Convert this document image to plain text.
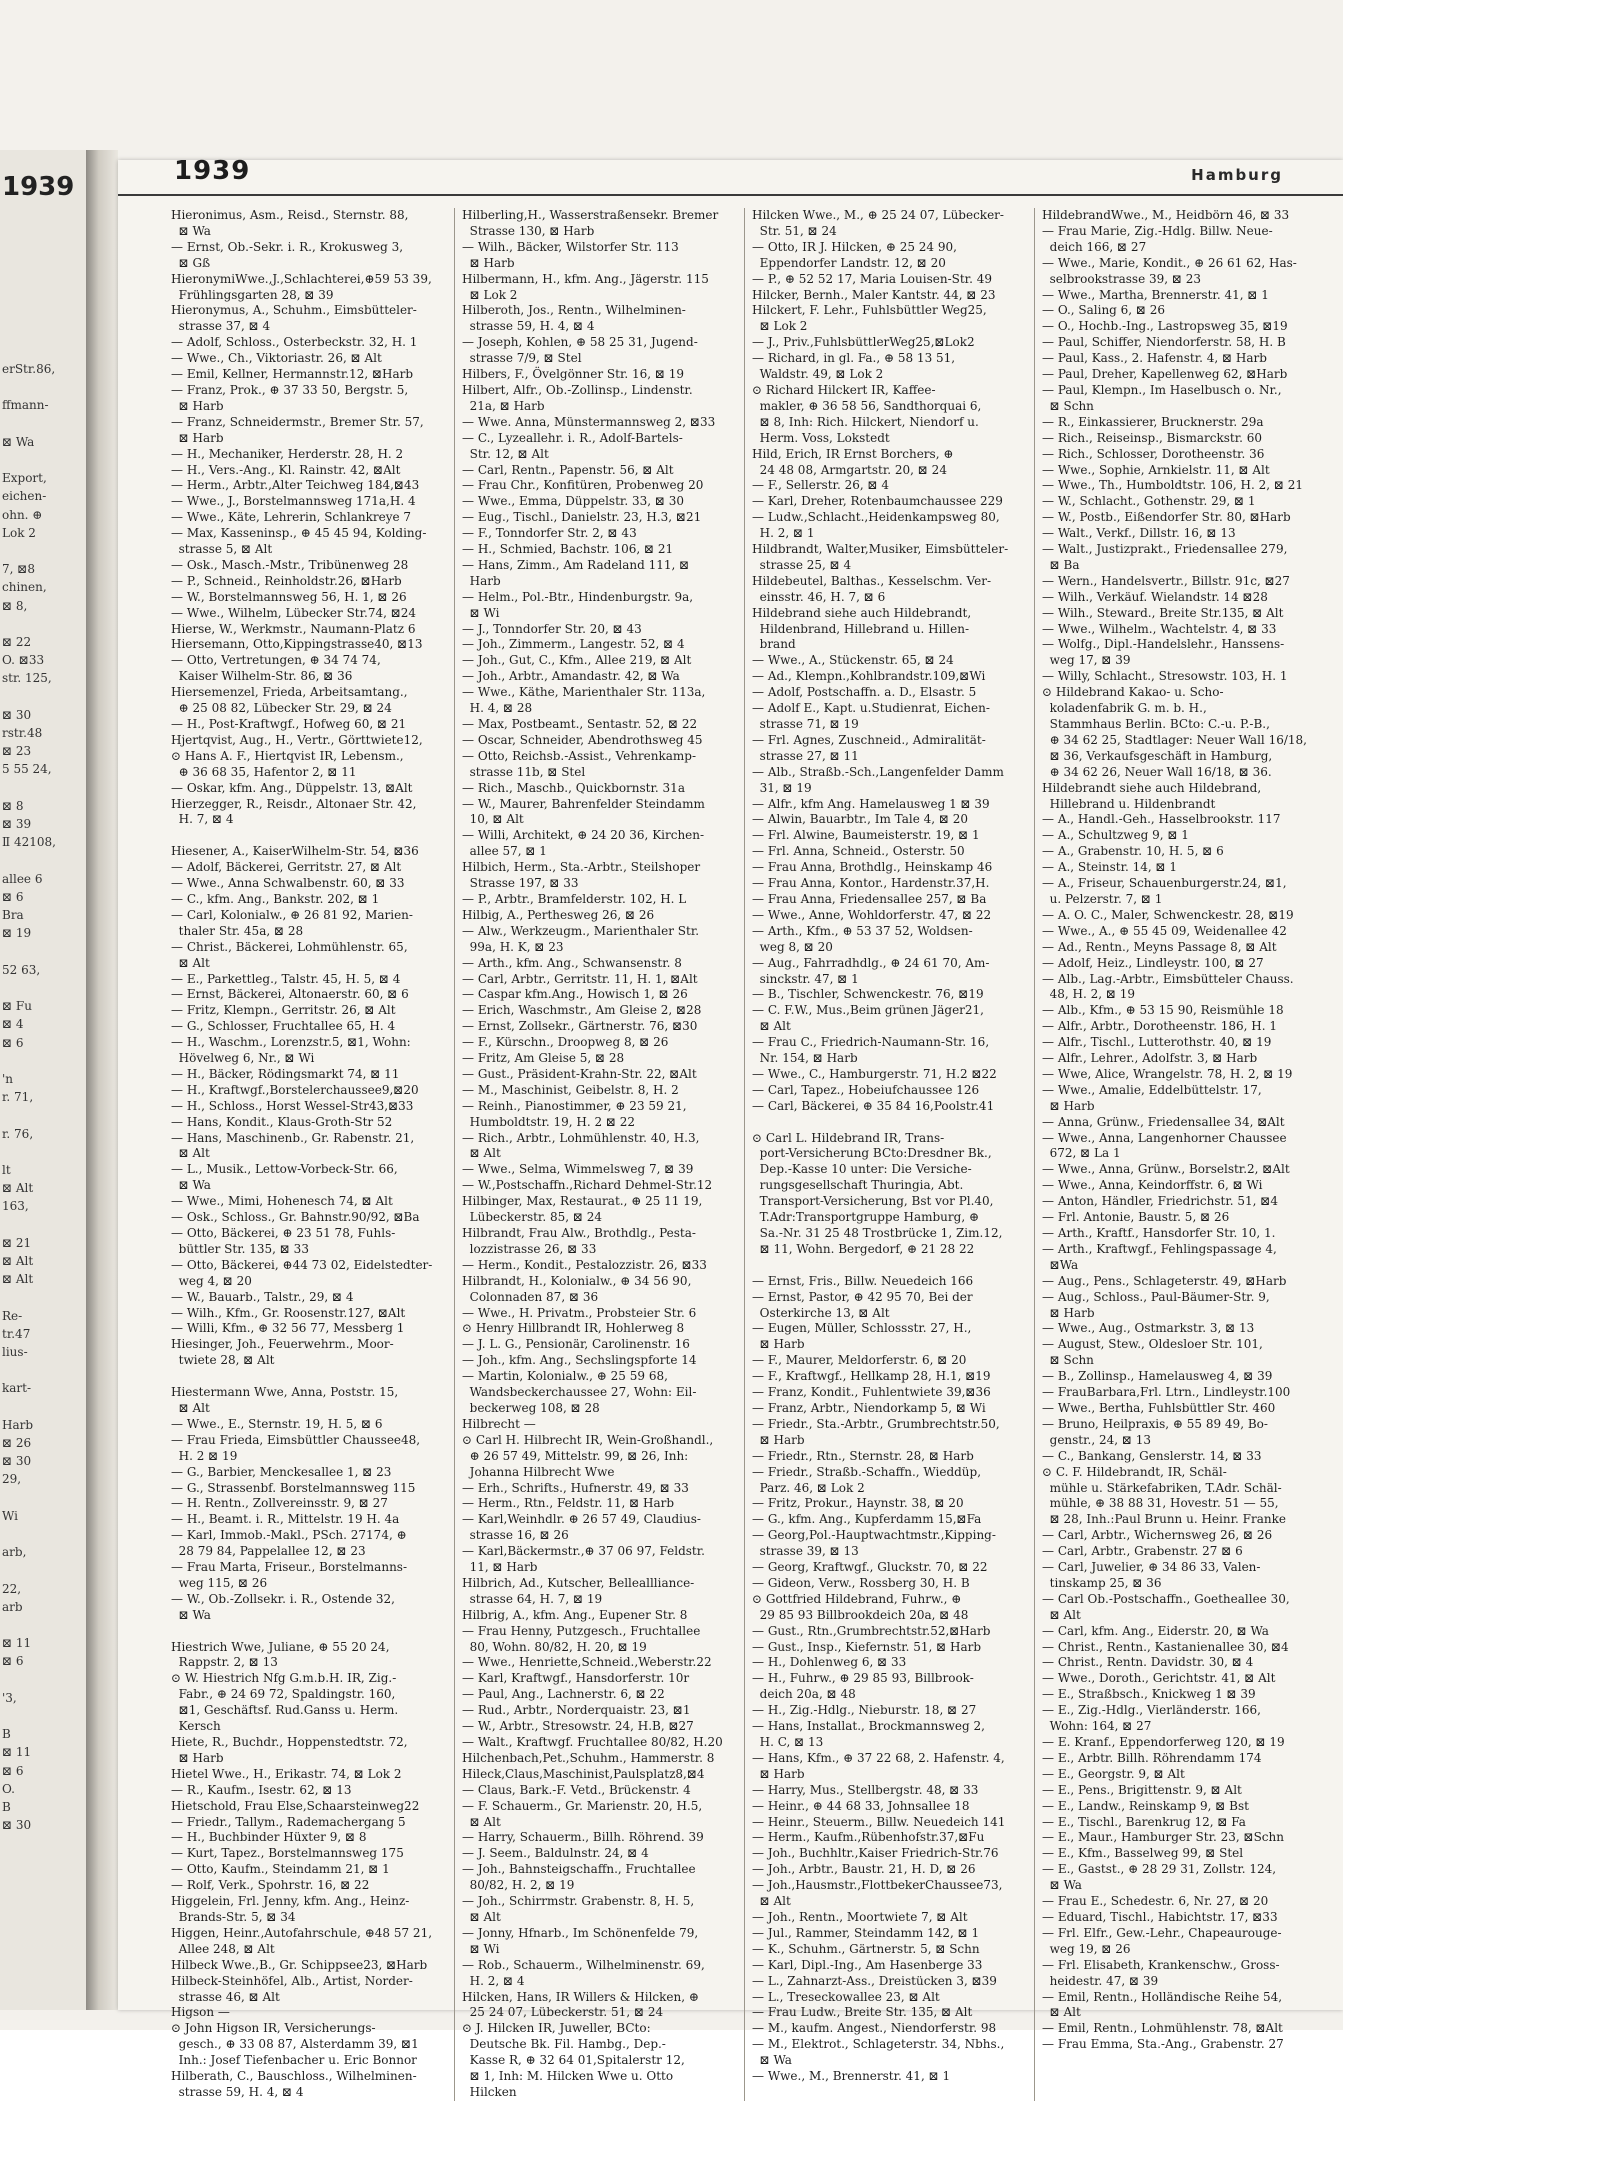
1939
erStr.86,

ffmann-

⊠ Wa

Export,
eichen-
ohn. ⊕
Lok 2

7, ⊠8
chinen,
⊠ 8,

⊠ 22
O. ⊠33
str. 125,

⊠ 30
rstr.48
⊠ 23
5 55 24,

⊠ 8
⊠ 39
Ⅱ 42108,

allee 6
⊠ 6
Bra
⊠ 19

52 63,

⊠ Fu
⊠ 4
⊠ 6

'n
r. 71,

r. 76,

lt
⊠ Alt
163,

⊠ 21
⊠ Alt
⊠ Alt

Re-
tr.47
lius-

kart-

Harb
⊠ 26
⊠ 30
29,

Wi

arb,

22,
arb

⊠ 11
⊠ 6

'3,

B
⊠ 11
⊠ 6
O.
B
⊠ 30

1939	Hamburg

Hieronimus, Asm., Reisd., Sternstr. 88,
⊠ Wa
— Ernst, Ob.-Sekr. i. R., Krokusweg 3,
⊠ Gß
HieronymiWwe.,J.,Schlachterei,⊕59 53 39,
Frühlingsgarten 28, ⊠ 39
Hieronymus, A., Schuhm., Eimsbütteler-
strasse 37, ⊠ 4
— Adolf, Schloss., Osterbeckstr. 32, H. 1
— Wwe., Ch., Viktoriastr. 26, ⊠ Alt
— Emil, Kellner, Hermannstr.12, ⊠Harb
— Franz, Prok., ⊕ 37 33 50, Bergstr. 5,
⊠ Harb
— Franz, Schneidermstr., Bremer Str. 57,
⊠ Harb
— H., Mechaniker, Herderstr. 28, H. 2
— H., Vers.-Ang., Kl. Rainstr. 42, ⊠Alt
— Herm., Arbtr.,Alter Teichweg 184,⊠43
— Wwe., J., Borstelmannsweg 171a,H. 4
— Wwe., Käte, Lehrerin, Schlankreye 7
— Max, Kasseninsp., ⊕ 45 45 94, Kolding-
strasse 5, ⊠ Alt
— Osk., Masch.-Mstr., Tribünenweg 28
— P., Schneid., Reinholdstr.26, ⊠Harb
— W., Borstelmannsweg 56, H. 1, ⊠ 26
— Wwe., Wilhelm, Lübecker Str.74, ⊠24
Hierse, W., Werkmstr., Naumann-Platz 6
Hiersemann, Otto,Kippingstrasse40, ⊠13
— Otto, Vertretungen, ⊕ 34 74 74,
Kaiser Wilhelm-Str. 86, ⊠ 36
Hiersemenzel, Frieda, Arbeitsamtang.,
⊕ 25 08 82, Lübecker Str. 29, ⊠ 24
— H., Post-Kraftwgf., Hofweg 60, ⊠ 21
Hjertqvist, Aug., H., Vertr., Görttwiete12,
⊙ Hans A. F., Hiertqvist IR, Lebensm.,
⊕ 36 68 35, Hafentor 2, ⊠ 11
— Oskar, kfm. Ang., Düppelstr. 13, ⊠Alt
Hierzegger, R., Reisdr., Altonaer Str. 42,
H. 7, ⊠ 4

Hiesener, A., KaiserWilhelm-Str. 54, ⊠36
— Adolf, Bäckerei, Gerritstr. 27, ⊠ Alt
— Wwe., Anna Schwalbenstr. 60, ⊠ 33
— C., kfm. Ang., Bankstr. 202, ⊠ 1
— Carl, Kolonialw., ⊕ 26 81 92, Marien-
thaler Str. 45a, ⊠ 28
— Christ., Bäckerei, Lohmühlenstr. 65,
⊠ Alt
— E., Parkettleg., Talstr. 45, H. 5, ⊠ 4
— Ernst, Bäckerei, Altonaerstr. 60, ⊠ 6
— Fritz, Klempn., Gerritstr. 26, ⊠ Alt
— G., Schlosser, Fruchtallee 65, H. 4
— H., Waschm., Lorenzstr.5, ⊠1, Wohn:
Hövelweg 6, Nr., ⊠ Wi
— H., Bäcker, Rödingsmarkt 74, ⊠ 11
— H., Kraftwgf.,Borstelerchaussee9,⊠20
— H., Schloss., Horst Wessel-Str43,⊠33
— Hans, Kondit., Klaus-Groth-Str 52
— Hans, Maschinenb., Gr. Rabenstr. 21,
⊠ Alt
— L., Musik., Lettow-Vorbeck-Str. 66,
⊠ Wa
— Wwe., Mimi, Hohenesch 74, ⊠ Alt
— Osk., Schloss., Gr. Bahnstr.90/92, ⊠Ba
— Otto, Bäckerei, ⊕ 23 51 78, Fuhls-
büttler Str. 135, ⊠ 33
— Otto, Bäckerei, ⊕44 73 02, Eidelstedter-
weg 4, ⊠ 20
— W., Bauarb., Talstr., 29, ⊠ 4
— Wilh., Kfm., Gr. Roosenstr.127, ⊠Alt
— Willi, Kfm., ⊕ 32 56 77, Messberg 1
Hiesinger, Joh., Feuerwehrm., Moor-
twiete 28, ⊠ Alt

Hiestermann Wwe, Anna, Poststr. 15,
⊠ Alt
— Wwe., E., Sternstr. 19, H. 5, ⊠ 6
— Frau Frieda, Eimsbüttler Chaussee48,
H. 2 ⊠ 19
— G., Barbier, Menckesallee 1, ⊠ 23
— G., Strassenbf. Borstelmannsweg 115
— H. Rentn., Zollvereinsstr. 9, ⊠ 27
— H., Beamt. i. R., Mittelstr. 19 H. 4a
— Karl, Immob.-Makl., PSch. 27174, ⊕
28 79 84, Pappelallee 12, ⊠ 23
— Frau Marta, Friseur., Borstelmanns-
weg 115, ⊠ 26
— W., Ob.-Zollsekr. i. R., Ostende 32,
⊠ Wa

Hiestrich Wwe, Juliane, ⊕ 55 20 24,
Rappstr. 2, ⊠ 13
⊙ W. Hiestrich Nfg G.m.b.H. IR, Zig.-
Fabr., ⊕ 24 69 72, Spaldingstr. 160,
⊠1, Geschäftsf. Rud.Ganss u. Herm.
Kersch
Hiete, R., Buchdr., Hoppenstedtstr. 72,
⊠ Harb
Hietel Wwe., H., Erikastr. 74, ⊠ Lok 2
— R., Kaufm., Isestr. 62, ⊠ 13
Hietschold, Frau Else,Schaarsteinweg22
— Friedr., Tallym., Rademachergang 5
— H., Buchbinder Hüxter 9, ⊠ 8
— Kurt, Tapez., Borstelmannsweg 175
— Otto, Kaufm., Steindamm 21, ⊠ 1
— Rolf, Verk., Spohrstr. 16, ⊠ 22
Higgelein, Frl. Jenny, kfm. Ang., Heinz-
Brands-Str. 5, ⊠ 34
Higgen, Heinr.,Autofahrschule, ⊕48 57 21,
Allee 248, ⊠ Alt
Hilbeck Wwe.,B., Gr. Schippsee23, ⊠Harb
Hilbeck-Steinhöfel, Alb., Artist, Norder-
strasse 46, ⊠ Alt
Higson —
⊙ John Higson IR, Versicherungs-
gesch., ⊕ 33 08 87, Alsterdamm 39, ⊠1
Inh.: Josef Tiefenbacher u. Eric Bonnor
Hilberath, C., Bauschloss., Wilhelminen-
strasse 59, H. 4, ⊠ 4

Hilberling,H., Wasserstraßensekr. Bremer
Strasse 130, ⊠ Harb
— Wilh., Bäcker, Wilstorfer Str. 113
⊠ Harb
Hilbermann, H., kfm. Ang., Jägerstr. 115
⊠ Lok 2
Hilberoth, Jos., Rentn., Wilhelminen-
strasse 59, H. 4, ⊠ 4
— Joseph, Kohlen, ⊕ 58 25 31, Jugend-
strasse 7/9, ⊠ Stel
Hilbers, F., Övelgönner Str. 16, ⊠ 19
Hilbert, Alfr., Ob.-Zollinsp., Lindenstr.
21a, ⊠ Harb
— Wwe. Anna, Münstermannsweg 2, ⊠33
— C., Lyzeallehr. i. R., Adolf-Bartels-
Str. 12, ⊠ Alt
— Carl, Rentn., Papenstr. 56, ⊠ Alt
— Frau Chr., Konfitüren, Probenweg 20
— Wwe., Emma, Düppelstr. 33, ⊠ 30
— Eug., Tischl., Danielstr. 23, H.3, ⊠21
— F., Tonndorfer Str. 2, ⊠ 43
— H., Schmied, Bachstr. 106, ⊠ 21
— Hans, Zimm., Am Radeland 111, ⊠
Harb
— Helm., Pol.-Btr., Hindenburgstr. 9a,
⊠ Wi
— J., Tonndorfer Str. 20, ⊠ 43
— Joh., Zimmerm., Langestr. 52, ⊠ 4
— Joh., Gut, C., Kfm., Allee 219, ⊠ Alt
— Joh., Arbtr., Amandastr. 42, ⊠ Wa
— Wwe., Käthe, Marienthaler Str. 113a,
H. 4, ⊠ 28
— Max, Postbeamt., Sentastr. 52, ⊠ 22
— Oscar, Schneider, Abendrothsweg 45
— Otto, Reichsb.-Assist., Vehrenkamp-
strasse 11b, ⊠ Stel
— Rich., Maschb., Quickbornstr. 31a
— W., Maurer, Bahrenfelder Steindamm
10, ⊠ Alt
— Willi, Architekt, ⊕ 24 20 36, Kirchen-
allee 57, ⊠ 1
Hilbich, Herm., Sta.-Arbtr., Steilshoper
Strasse 197, ⊠ 33
— P., Arbtr., Bramfelderstr. 102, H. L
Hilbig, A., Perthesweg 26, ⊠ 26
— Alw., Werkzeugm., Marienthaler Str.
99a, H. K, ⊠ 23
— Arth., kfm. Ang., Schwansenstr. 8
— Carl, Arbtr., Gerritstr. 11, H. 1, ⊠Alt
— Caspar kfm.Ang., Howisch 1, ⊠ 26
— Erich, Waschmstr., Am Gleise 2, ⊠28
— Ernst, Zollsekr., Gärtnerstr. 76, ⊠30
— F., Kürschn., Droopweg 8, ⊠ 26
— Fritz, Am Gleise 5, ⊠ 28
— Gust., Präsident-Krahn-Str. 22, ⊠Alt
— M., Maschinist, Geibelstr. 8, H. 2
— Reinh., Pianostimmer, ⊕ 23 59 21,
Humboldtstr. 19, H. 2 ⊠ 22
— Rich., Arbtr., Lohmühlenstr. 40, H.3,
⊠ Alt
— Wwe., Selma, Wimmelsweg 7, ⊠ 39
— W.,Postschaffn.,Richard Dehmel-Str.12
Hilbinger, Max, Restaurat., ⊕ 25 11 19,
Lübeckerstr. 85, ⊠ 24
Hilbrandt, Frau Alw., Brothdlg., Pesta-
lozzistrasse 26, ⊠ 33
— Herm., Kondit., Pestalozzistr. 26, ⊠33
Hilbrandt, H., Kolonialw., ⊕ 34 56 90,
Colonnaden 87, ⊠ 36
— Wwe., H. Privatm., Probsteier Str. 6
⊙ Henry Hillbrandt IR, Hohlerweg 8
— J. L. G., Pensionär, Carolinenstr. 16
— Joh., kfm. Ang., Sechslingspforte 14
— Martin, Kolonialw., ⊕ 25 59 68,
Wandsbeckerchaussee 27, Wohn: Eil-
beckerweg 108, ⊠ 28
Hilbrecht —
⊙ Carl H. Hilbrecht IR, Wein-Großhandl.,
⊕ 26 57 49, Mittelstr. 99, ⊠ 26, Inh:
Johanna Hilbrecht Wwe
— Erh., Schrifts., Hufnerstr. 49, ⊠ 33
— Herm., Rtn., Feldstr. 11, ⊠ Harb
— Karl,Weinhdlr. ⊕ 26 57 49, Claudius-
strasse 16, ⊠ 26
— Karl,Bäckermstr.,⊕ 37 06 97, Feldstr.
11, ⊠ Harb
Hilbrich, Ad., Kutscher, Belleallliance-
strasse 64, H. 7, ⊠ 19
Hilbrig, A., kfm. Ang., Eupener Str. 8
— Frau Henny, Putzgesch., Fruchtallee
80, Wohn. 80/82, H. 20, ⊠ 19
— Wwe., Henriette,Schneid.,Weberstr.22
— Karl, Kraftwgf., Hansdorferstr. 10r
— Paul, Ang., Lachnerstr. 6, ⊠ 22
— Rud., Arbtr., Norderquaistr. 23, ⊠1
— W., Arbtr., Stresowstr. 24, H.B, ⊠27
— Walt., Kraftwgf. Fruchtallee 80/82, H.20
Hilchenbach,Pet.,Schuhm., Hammerstr. 8
Hileck,Claus,Maschinist,Paulsplatz8,⊠4
— Claus, Bark.-F. Vetd., Brückenstr. 4
— F. Schauerm., Gr. Marienstr. 20, H.5,
⊠ Alt
— Harry, Schauerm., Billh. Röhrend. 39
— J. Seem., Baldulnstr. 24, ⊠ 4
— Joh., Bahnsteigschaffn., Fruchtallee
80/82, H. 2, ⊠ 19
— Joh., Schirrmstr. Grabenstr. 8, H. 5,
⊠ Alt
— Jonny, Hfnarb., Im Schönenfelde 79,
⊠ Wi
— Rob., Schauerm., Wilhelminenstr. 69,
H. 2, ⊠ 4
Hilcken, Hans, IR Willers & Hilcken, ⊕
25 24 07, Lübeckerstr. 51, ⊠ 24
⊙ J. Hilcken IR, Juweller, BCto:
Deutsche Bk. Fil. Hambg., Dep.-
Kasse R, ⊕ 32 64 01,Spitalerstr 12,
⊠ 1, Inh: M. Hilcken Wwe u. Otto
Hilcken

Hilcken Wwe., M., ⊕ 25 24 07, Lübecker-
Str. 51, ⊠ 24
— Otto, IR J. Hilcken, ⊕ 25 24 90,
Eppendorfer Landstr. 12, ⊠ 20
— P., ⊕ 52 52 17, Maria Louisen-Str. 49
Hilcker, Bernh., Maler Kantstr. 44, ⊠ 23
Hilckert, F. Lehr., Fuhlsbüttler Weg25,
⊠ Lok 2
— J., Priv.,FuhlsbüttlerWeg25,⊠Lok2
— Richard, in gl. Fa., ⊕ 58 13 51,
Waldstr. 49, ⊠ Lok 2
⊙ Richard Hilckert IR, Kaffee-
makler, ⊕ 36 58 56, Sandthorquai 6,
⊠ 8, Inh: Rich. Hilckert, Niendorf u.
Herm. Voss, Lokstedt
Hild, Erich, IR Ernst Borchers, ⊕
24 48 08, Armgartstr. 20, ⊠ 24
— F., Sellerstr. 26, ⊠ 4
— Karl, Dreher, Rotenbaumchaussee 229
— Ludw.,Schlacht.,Heidenkampsweg 80,
H. 2, ⊠ 1
Hildbrandt, Walter,Musiker, Eimsbütteler-
strasse 25, ⊠ 4
Hildebeutel, Balthas., Kesselschm. Ver-
einsstr. 46, H. 7, ⊠ 6
Hildebrand siehe auch Hildebrandt,
Hildenbrand, Hillebrand u. Hillen-
brand
— Wwe., A., Stückenstr. 65, ⊠ 24
— Ad., Klempn.,Kohlbrandstr.109,⊠Wi
— Adolf, Postschaffn. a. D., Elsastr. 5
— Adolf E., Kapt. u.Studienrat, Eichen-
strasse 71, ⊠ 19
— Frl. Agnes, Zuschneid., Admiralität-
strasse 27, ⊠ 11
— Alb., Straßb.-Sch.,Langenfelder Damm
31, ⊠ 19
— Alfr., kfm Ang. Hamelausweg 1 ⊠ 39
— Alwin, Bauarbtr., Im Tale 4, ⊠ 20
— Frl. Alwine, Baumeisterstr. 19, ⊠ 1
— Frl. Anna, Schneid., Osterstr. 50
— Frau Anna, Brothdlg., Heinskamp 46
— Frau Anna, Kontor., Hardenstr.37,H.
— Frau Anna, Friedensallee 257, ⊠ Ba
— Wwe., Anne, Wohldorferstr. 47, ⊠ 22
— Arth., Kfm., ⊕ 53 37 52, Woldsen-
weg 8, ⊠ 20
— Aug., Fahrradhdlg., ⊕ 24 61 70, Am-
sinckstr. 47, ⊠ 1
— B., Tischler, Schwenckestr. 76, ⊠19
— C. F.W., Mus.,Beim grünen Jäger21,
⊠ Alt
— Frau C., Friedrich-Naumann-Str. 16,
Nr. 154, ⊠ Harb
— Wwe., C., Hamburgerstr. 71, H.2 ⊠22
— Carl, Tapez., Hobeiufchaussee 126
— Carl, Bäckerei, ⊕ 35 84 16,Poolstr.41

⊙ Carl L. Hildebrand IR, Trans-
port-Versicherung BCto:Dresdner Bk.,
Dep.-Kasse 10 unter: Die Versiche-
rungsgesellschaft Thuringia, Abt.
Transport-Versicherung, Bst vor Pl.40,
T.Adr:Transportgruppe Hamburg, ⊕
Sa.-Nr. 31 25 48 Trostbrücke 1, Zim.12,
⊠ 11, Wohn. Bergedorf, ⊕ 21 28 22

— Ernst, Fris., Billw. Neuedeich 166
— Ernst, Pastor, ⊕ 42 95 70, Bei der
Osterkirche 13, ⊠ Alt
— Eugen, Müller, Schlossstr. 27, H.,
⊠ Harb
— F., Maurer, Meldorferstr. 6, ⊠ 20
— F., Kraftwgf., Hellkamp 28, H.1, ⊠19
— Franz, Kondit., Fuhlentwiete 39,⊠36
— Franz, Arbtr., Niendorkamp 5, ⊠ Wi
— Friedr., Sta.-Arbtr., Grumbrechtstr.50,
⊠ Harb
— Friedr., Rtn., Sternstr. 28, ⊠ Harb
— Friedr., Straßb.-Schaffn., Wieddüp,
Parz. 46, ⊠ Lok 2
— Fritz, Prokur., Haynstr. 38, ⊠ 20
— G., kfm. Ang., Kupferdamm 15,⊠Fa
— Georg,Pol.-Hauptwachtmstr.,Kipping-
strasse 39, ⊠ 13
— Georg, Kraftwgf., Gluckstr. 70, ⊠ 22
— Gideon, Verw., Rossberg 30, H. B
⊙ Gottfried Hildebrand, Fuhrw., ⊕
29 85 93 Billbrookdeich 20a, ⊠ 48
— Gust., Rtn.,Grumbrechtstr.52,⊠Harb
— Gust., Insp., Kiefernstr. 51, ⊠ Harb
— H., Dohlenweg 6, ⊠ 33
— H., Fuhrw., ⊕ 29 85 93, Billbrook-
deich 20a, ⊠ 48
— H., Zig.-Hdlg., Nieburstr. 18, ⊠ 27
— Hans, Installat., Brockmannsweg 2,
H. C, ⊠ 13
— Hans, Kfm., ⊕ 37 22 68, 2. Hafenstr. 4,
⊠ Harb
— Harry, Mus., Stellbergstr. 48, ⊠ 33
— Heinr., ⊕ 44 68 33, Johnsallee 18
— Heinr., Steuerm., Billw. Neuedeich 141
— Herm., Kaufm.,Rübenhofstr.37,⊠Fu
— Joh., Buchhltr.,Kaiser Friedrich-Str.76
— Joh., Arbtr., Baustr. 21, H. D, ⊠ 26
— Joh.,Hausmstr.,FlottbekerChaussee73,
⊠ Alt
— Joh., Rentn., Moortwiete 7, ⊠ Alt
— Jul., Rammer, Steindamm 142, ⊠ 1
— K., Schuhm., Gärtnerstr. 5, ⊠ Schn
— Karl, Dipl.-Ing., Am Hasenberge 33
— L., Zahnarzt-Ass., Dreistücken 3, ⊠39
— L., Treseckowallee 23, ⊠ Alt
— Frau Ludw., Breite Str. 135, ⊠ Alt
— M., kaufm. Angest., Niendorferstr. 98
— M., Elektrot., Schlageterstr. 34, Nbhs.,
⊠ Wa
— Wwe., M., Brennerstr. 41, ⊠ 1

HildebrandWwe., M., Heidbörn 46, ⊠ 33
— Frau Marie, Zig.-Hdlg. Billw. Neue-
deich 166, ⊠ 27
— Wwe., Marie, Kondit., ⊕ 26 61 62, Has-
selbrookstrasse 39, ⊠ 23
— Wwe., Martha, Brennerstr. 41, ⊠ 1
— O., Saling 6, ⊠ 26
— O., Hochb.-Ing., Lastropsweg 35, ⊠19
— Paul, Schiffer, Niendorferstr. 58, H. B
— Paul, Kass., 2. Hafenstr. 4, ⊠ Harb
— Paul, Dreher, Kapellenweg 62, ⊠Harb
— Paul, Klempn., Im Haselbusch o. Nr.,
⊠ Schn
— R., Einkassierer, Brucknerstr. 29a
— Rich., Reiseinsp., Bismarckstr. 60
— Rich., Schlosser, Dorotheenstr. 36
— Wwe., Sophie, Arnkielstr. 11, ⊠ Alt
— Wwe., Th., Humboldtstr. 106, H. 2, ⊠ 21
— W., Schlacht., Gothenstr. 29, ⊠ 1
— W., Postb., Eißendorfer Str. 80, ⊠Harb
— Walt., Verkf., Dillstr. 16, ⊠ 13
— Walt., Justizprakt., Friedensallee 279,
⊠ Ba
— Wern., Handelsvertr., Billstr. 91c, ⊠27
— Wilh., Verkäuf. Wielandstr. 14 ⊠28
— Wilh., Steward., Breite Str.135, ⊠ Alt
— Wwe., Wilhelm., Wachtelstr. 4, ⊠ 33
— Wolfg., Dipl.-Handelslehr., Hanssens-
weg 17, ⊠ 39
— Willy, Schlacht., Stresowstr. 103, H. 1
⊙ Hildebrand Kakao- u. Scho-
koladenfabrik G. m. b. H.,
Stammhaus Berlin. BCto: C.-u. P.-B.,
⊕ 34 62 25, Stadtlager: Neuer Wall 16/18,
⊠ 36, Verkaufsgeschäft in Hamburg,
⊕ 34 62 26, Neuer Wall 16/18, ⊠ 36.
Hildebrandt siehe auch Hildebrand,
Hillebrand u. Hildenbrandt
— A., Handl.-Geh., Hasselbrookstr. 117
— A., Schultzweg 9, ⊠ 1
— A., Grabenstr. 10, H. 5, ⊠ 6
— A., Steinstr. 14, ⊠ 1
— A., Friseur, Schauenburgerstr.24, ⊠1,
u. Pelzerstr. 7, ⊠ 1
— A. O. C., Maler, Schwenckestr. 28, ⊠19
— Wwe., A., ⊕ 55 45 09, Weidenallee 42
— Ad., Rentn., Meyns Passage 8, ⊠ Alt
— Adolf, Heiz., Lindleystr. 100, ⊠ 27
— Alb., Lag.-Arbtr., Eimsbütteler Chauss.
48, H. 2, ⊠ 19
— Alb., Kfm., ⊕ 53 15 90, Reismühle 18
— Alfr., Arbtr., Dorotheenstr. 186, H. 1
— Alfr., Tischl., Lutterothstr. 40, ⊠ 19
— Alfr., Lehrer., Adolfstr. 3, ⊠ Harb
— Wwe, Alice, Wrangelstr. 78, H. 2, ⊠ 19
— Wwe., Amalie, Eddelbüttelstr. 17,
⊠ Harb
— Anna, Grünw., Friedensallee 34, ⊠Alt
— Wwe., Anna, Langenhorner Chaussee
672, ⊠ La 1
— Wwe., Anna, Grünw., Borselstr.2, ⊠Alt
— Wwe., Anna, Keindorffstr. 6, ⊠ Wi
— Anton, Händler, Friedrichstr. 51, ⊠4
— Frl. Antonie, Baustr. 5, ⊠ 26
— Arth., Kraftf., Hansdorfer Str. 10, 1.
— Arth., Kraftwgf., Fehlingspassage 4,
⊠Wa
— Aug., Pens., Schlageterstr. 49, ⊠Harb
— Aug., Schloss., Paul-Bäumer-Str. 9,
⊠ Harb
— Wwe., Aug., Ostmarkstr. 3, ⊠ 13
— August, Stew., Oldesloer Str. 101,
⊠ Schn
— B., Zollinsp., Hamelausweg 4, ⊠ 39
— FrauBarbara,Frl. Ltrn., Lindleystr.100
— Wwe., Bertha, Fuhlsbüttler Str. 460
— Bruno, Heilpraxis, ⊕ 55 89 49, Bo-
genstr., 24, ⊠ 13
— C., Bankang, Genslerstr. 14, ⊠ 33
⊙ C. F. Hildebrandt, IR, Schäl-
mühle u. Stärkefabriken, T.Adr. Schäl-
mühle, ⊕ 38 88 31, Hovestr. 51 — 55,
⊠ 28, Inh.:Paul Brunn u. Heinr. Franke
— Carl, Arbtr., Wichernsweg 26, ⊠ 26
— Carl, Arbtr., Grabenstr. 27 ⊠ 6
— Carl, Juwelier, ⊕ 34 86 33, Valen-
tinskamp 25, ⊠ 36
— Carl Ob.-Postschaffn., Goetheallee 30,
⊠ Alt
— Carl, kfm. Ang., Eiderstr. 20, ⊠ Wa
— Christ., Rentn., Kastanienallee 30, ⊠4
— Christ., Rentn. Davidstr. 30, ⊠ 4
— Wwe., Doroth., Gerichtstr. 41, ⊠ Alt
— E., Straßbsch., Knickweg 1 ⊠ 39
— E., Zig.-Hdlg., Vierländerstr. 166,
Wohn: 164, ⊠ 27
— E. Kranf., Eppendorferweg 120, ⊠ 19
— E., Arbtr. Billh. Röhrendamm 174
— E., Georgstr. 9, ⊠ Alt
— E., Pens., Brigittenstr. 9, ⊠ Alt
— E., Landw., Reinskamp 9, ⊠ Bst
— E., Tischl., Barenkrug 12, ⊠ Fa
— E., Maur., Hamburger Str. 23, ⊠Schn
— E., Kfm., Basselweg 99, ⊠ Stel
— E., Gastst., ⊕ 28 29 31, Zollstr. 124,
⊠ Wa
— Frau E., Schedestr. 6, Nr. 27, ⊠ 20
— Eduard, Tischl., Habichtstr. 17, ⊠33
— Frl. Elfr., Gew.-Lehr., Chapeaurouge-
weg 19, ⊠ 26
— Frl. Elisabeth, Krankenschw., Gross-
heidestr. 47, ⊠ 39
— Emil, Rentn., Holländische Reihe 54,
⊠ Alt
— Emil, Rentn., Lohmühlenstr. 78, ⊠Alt
— Frau Emma, Sta.-Ang., Grabenstr. 27
